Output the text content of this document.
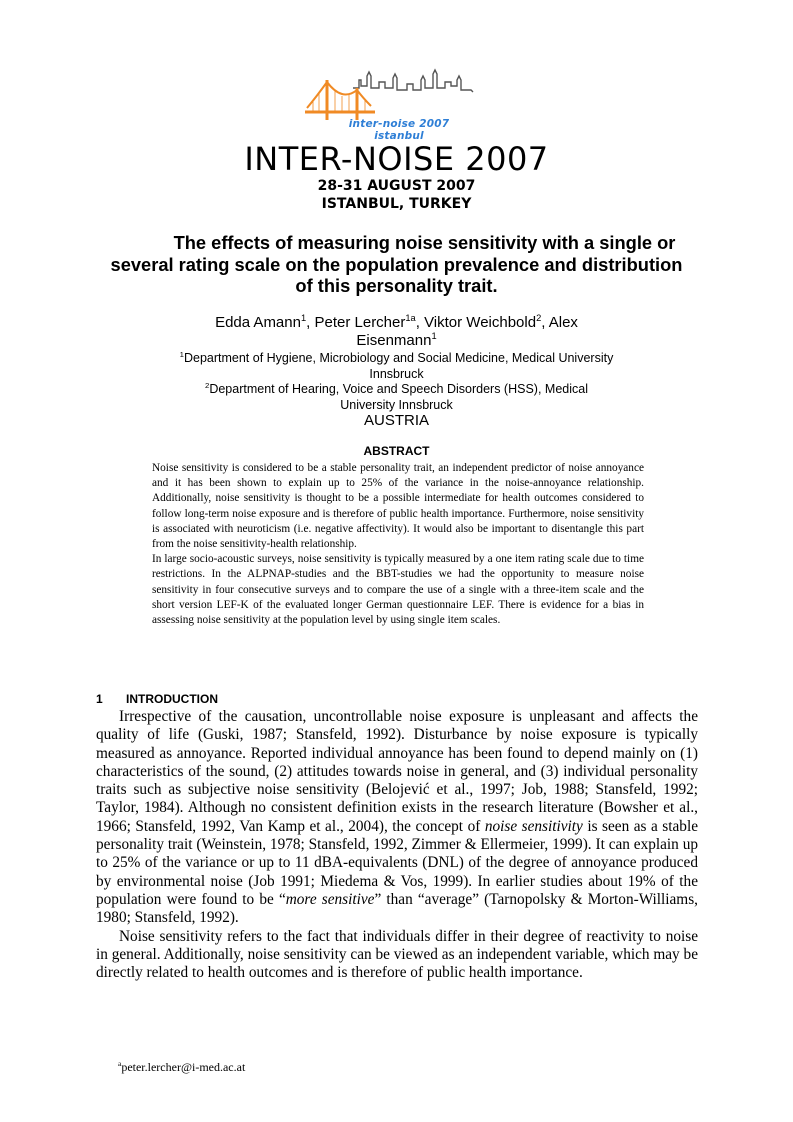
inter-noise 2007 istanbul
INTER-NOISE 2007
28-31 AUGUST 2007
ISTANBUL, TURKEY
The effects of measuring noise sensitivity with a single or
several rating scale on the population prevalence and distribution
of this personality trait.
Edda Amann$^1$, Peter Lercher$^{1a}$, Viktor Weichbold$^2$, Alex
Eisenmann$^1$
$^1$Department of Hygiene, Microbiology and Social Medicine, Medical University
Innsbruck
$^2$Department of Hearing, Voice and Speech Disorders (HSS), Medical
University Innsbruck
AUSTRIA
ABSTRACT

Noise sensitivity is considered to be a stable personality trait, an independent predictor of noise annoyance and it has been shown to explain up to 25% of the variance in the noise-annoyance relationship. Additionally, noise sensitivity is thought to be a possible intermediate for health outcomes considered to follow long-term noise exposure and is therefore of public health importance. Furthermore, noise sensitivity is associated with neuroticism (i.e. negative affectivity). It would also be important to disentangle this part from the noise sensitivity-health relationship.

In large socio-acoustic surveys, noise sensitivity is typically measured by a one item rating scale due to time restrictions. In the ALPNAP-studies and the BBT-studies we had the opportunity to measure noise sensitivity in four consecutive surveys and to compare the use of a single with a three-item scale and the short version LEF-K of the evaluated longer German questionnaire LEF. There is evidence for a bias in assessing noise sensitivity at the population level by using single item scales.

1 INTRODUCTION

Irrespective of the causation, uncontrollable noise exposure is unpleasant and affects the quality of life (Guski, 1987; Stansfeld, 1992). Disturbance by noise exposure is typically measured as annoyance. Reported individual annoyance has been found to depend mainly on (1) characteristics of the sound, (2) attitudes towards noise in general, and (3) individual personality traits such as subjective noise sensitivity (Belojević et al., 1997; Job, 1988; Stansfeld, 1992; Taylor, 1984). Although no consistent definition exists in the research literature (Bowsher et al., 1966; Stansfeld, 1992, Van Kamp et al., 2004), the concept of noise sensitivity is seen as a stable personality trait (Weinstein, 1978; Stansfeld, 1992, Zimmer & Ellermeier, 1999). It can explain up to 25% of the variance or up to 11 dBA-equivalents (DNL) of the degree of annoyance produced by environmental noise (Job 1991; Miedema & Vos, 1999). In earlier studies about 19% of the population were found to be “more sensitive” than “average” (Tarnopolsky & Morton-Williams, 1980; Stansfeld, 1992).

Noise sensitivity refers to the fact that individuals differ in their degree of reactivity to noise in general. Additionally, noise sensitivity can be viewed as an independent variable, which may be directly related to health outcomes and is therefore of public health importance.

$^a$peter.lercher@i-med.ac.at
